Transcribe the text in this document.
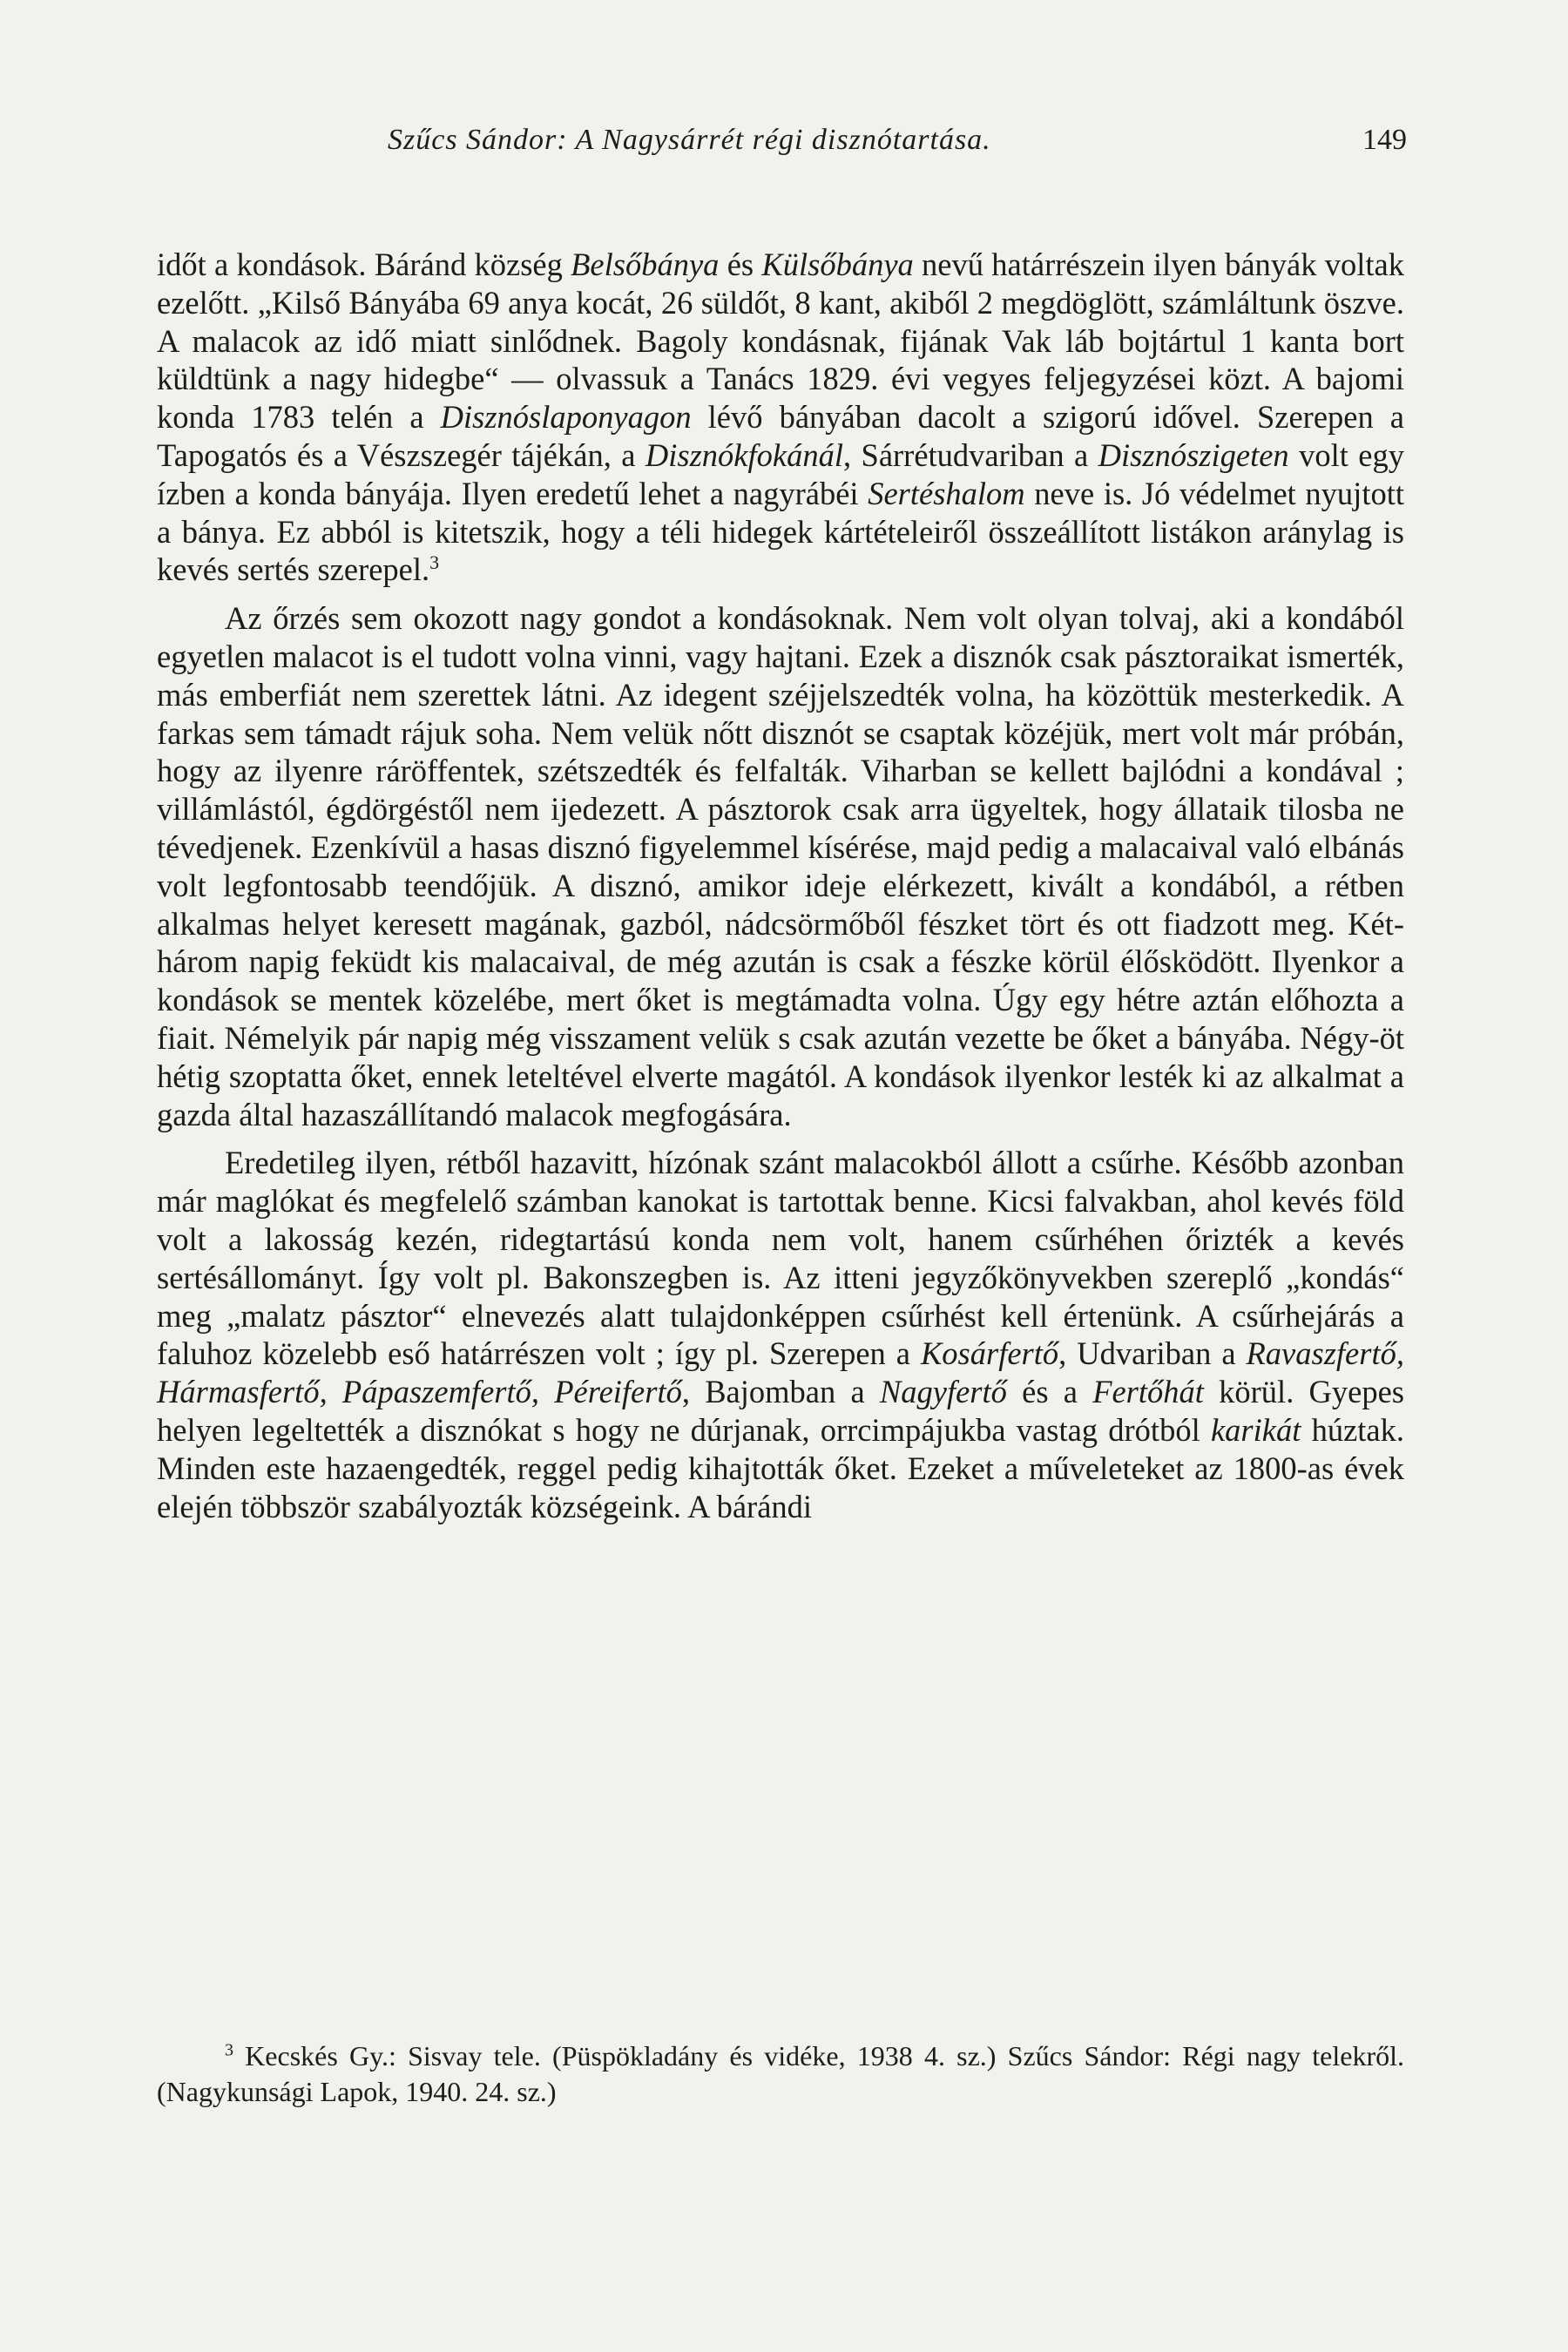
Szűcs Sándor: A Nagysárrét régi disznótartása.	149

időt a kondások. Báránd község Belsőbánya és Külsőbánya nevű határrészein ilyen bányák voltak ezelőtt. „Kilső Bányába 69 anya kocát, 26 süldőt, 8 kant, akiből 2 megdöglött, számláltunk öszve. A malacok az idő miatt sinlődnek. Bagoly kondásnak, fijának Vak láb bojtártul 1 kanta bort küldtünk a nagy hidegbe“ — olvassuk a Tanács 1829. évi vegyes feljegyzései közt. A bajomi konda 1783 telén a Disznóslaponyagon lévő bányában dacolt a szigorú idővel. Szerepen a Tapogatós és a Vészszegér tájékán, a Disznókfokánál, Sárrétudvariban a Disznószigeten volt egy ízben a konda bányája. Ilyen eredetű lehet a nagyrábéi Sertéshalom neve is. Jó védelmet nyujtott a bánya. Ez abból is kitetszik, hogy a téli hidegek kártételeiről összeállított listákon aránylag is kevés sertés szerepel.$^3$

Az őrzés sem okozott nagy gondot a kondásoknak. Nem volt olyan tolvaj, aki a kondából egyetlen malacot is el tudott volna vinni, vagy hajtani. Ezek a disznók csak pásztoraikat ismerték, más emberfiát nem szerettek látni. Az idegent széjjelszedték volna, ha közöttük mesterkedik. A farkas sem támadt rájuk soha. Nem velük nőtt disznót se csaptak közéjük, mert volt már próbán, hogy az ilyenre ráröffentek, szétszedték és felfalták. Viharban se kellett bajlódni a kondával ; villámlástól, égdörgéstől nem ijedezett. A pásztorok csak arra ügyeltek, hogy állataik tilosba ne tévedjenek. Ezenkívül a hasas disznó figyelemmel kísérése, majd pedig a malacaival való elbánás volt legfontosabb teendőjük. A disznó, amikor ideje elérkezett, kivált a kondából, a rétben alkalmas helyet keresett magának, gazból, nádcsörmőből fészket tört és ott fiadzott meg. Két-három napig feküdt kis malacaival, de még azután is csak a fészke körül élősködött. Ilyenkor a kondások se mentek közelébe, mert őket is megtámadta volna. Úgy egy hétre aztán előhozta a fiait. Némelyik pár napig még visszament velük s csak azután vezette be őket a bányába. Négy-öt hétig szoptatta őket, ennek leteltével elverte magától. A kondások ilyenkor lesték ki az alkalmat a gazda által hazaszállítandó malacok megfogására.

Eredetileg ilyen, rétből hazavitt, hízónak szánt malacokból állott a csűrhe. Később azonban már maglókat és megfelelő számban kanokat is tartottak benne. Kicsi falvakban, ahol kevés föld volt a lakosság kezén, ridegtartású konda nem volt, hanem csűrhéhen őrizték a kevés sertésállományt. Így volt pl. Bakonszegben is. Az itteni jegyzőkönyvekben szereplő „kondás“ meg „malatz pásztor“ elnevezés alatt tulajdonképpen csűrhést kell értenünk. A csűrhejárás a faluhoz közelebb eső határrészen volt ; így pl. Szerepen a Kosárfertő, Udvariban a Ravaszfertő, Hármasfertő, Pápaszemfertő, Péreifertő, Bajomban a Nagyfertő és a Fertőhát körül. Gyepes helyen legeltették a disznókat s hogy ne dúrjanak, orrcimpájukba vastag drótból karikát húztak. Minden este hazaengedték, reggel pedig kihajtották őket. Ezeket a műveleteket az 1800-as évek elején többször szabályozták községeink. A bárándi

$^3$ Kecskés Gy.: Sisvay tele. (Püspökladány és vidéke, 1938 4. sz.) Szűcs Sándor: Régi nagy telekről. (Nagykunsági Lapok, 1940. 24. sz.)
